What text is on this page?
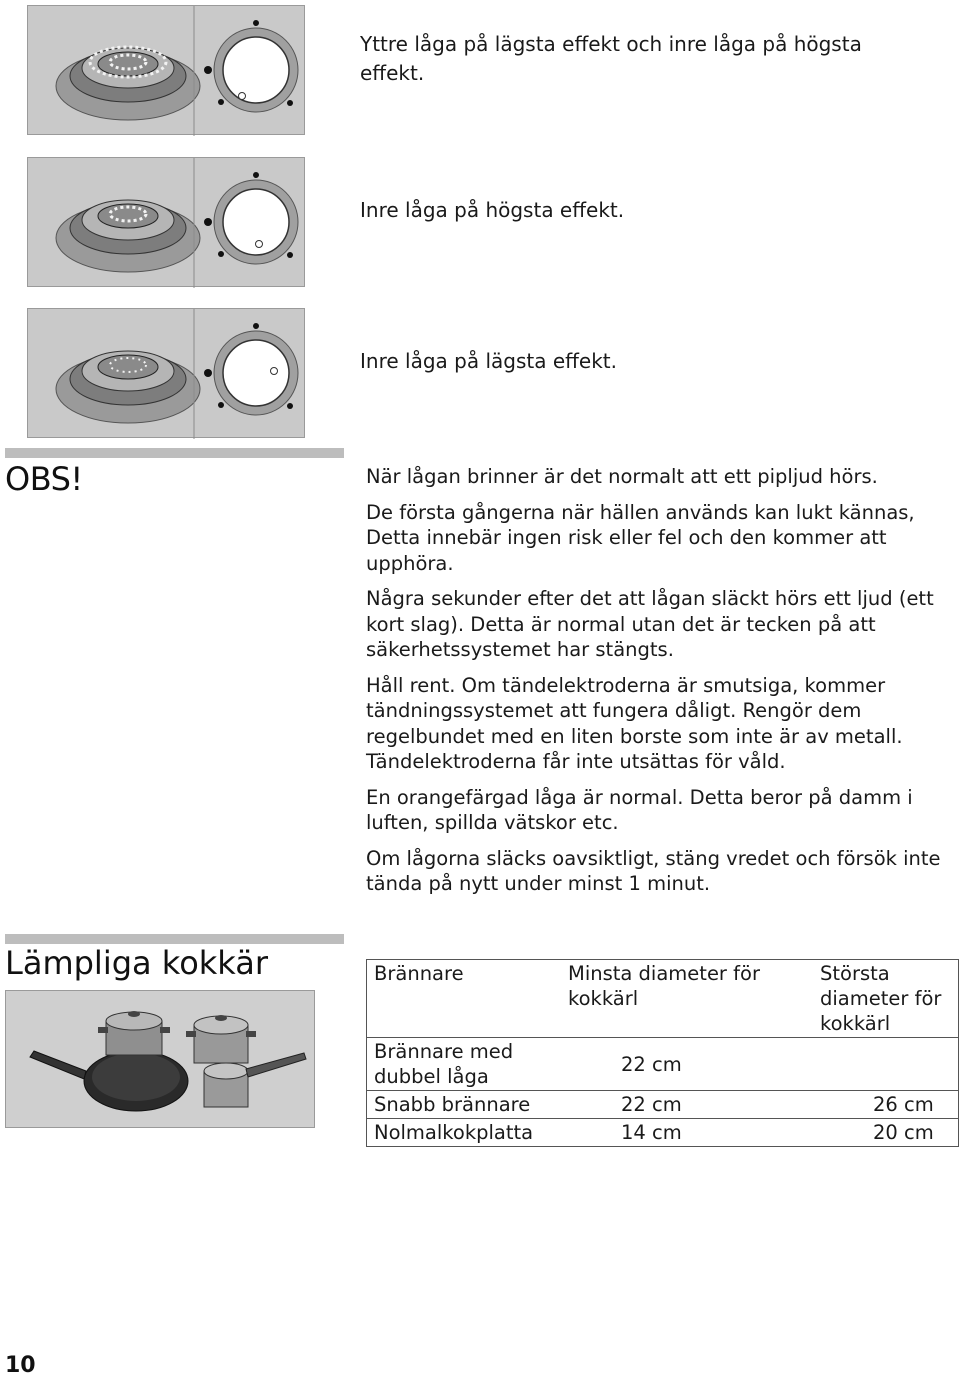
Yttre låga på lägsta effekt och inre låga på högsta effekt.
Inre låga på högsta effekt.
Inre låga på lägsta effekt.
OBS!	När lågan brinner är det normalt att ett pipljud hörs.

De första gångerna när hällen används kan lukt kännas, Detta innebär ingen risk eller fel och den kommer att upphöra.

Några sekunder efter det att lågan släckt hörs ett ljud (ett kort slag). Detta är normal utan det är tecken på att säkerhetssystemet har stängts.

Håll rent. Om tändelektroderna är smutsiga, kommer tändningssystemet att fungera dåligt. Rengör dem regelbundet med en liten borste som inte är av metall. Tändelektroderna får inte utsättas för våld.

En orangefärgad låga är normal. Detta beror på damm i luften, spillda vätskor etc.

Om lågorna släcks oavsiktligt, stäng vredet och försök inte tända på nytt under minst 1 minut.

Lämpliga kokkär	Brännare	Minsta diameter för kokkärl	Största diameter för kokkärl
Brännare med dubbel låga	22 cm	
Snabb brännare	22 cm	26 cm
Nolmalkokplatta	14 cm	20 cm
10
